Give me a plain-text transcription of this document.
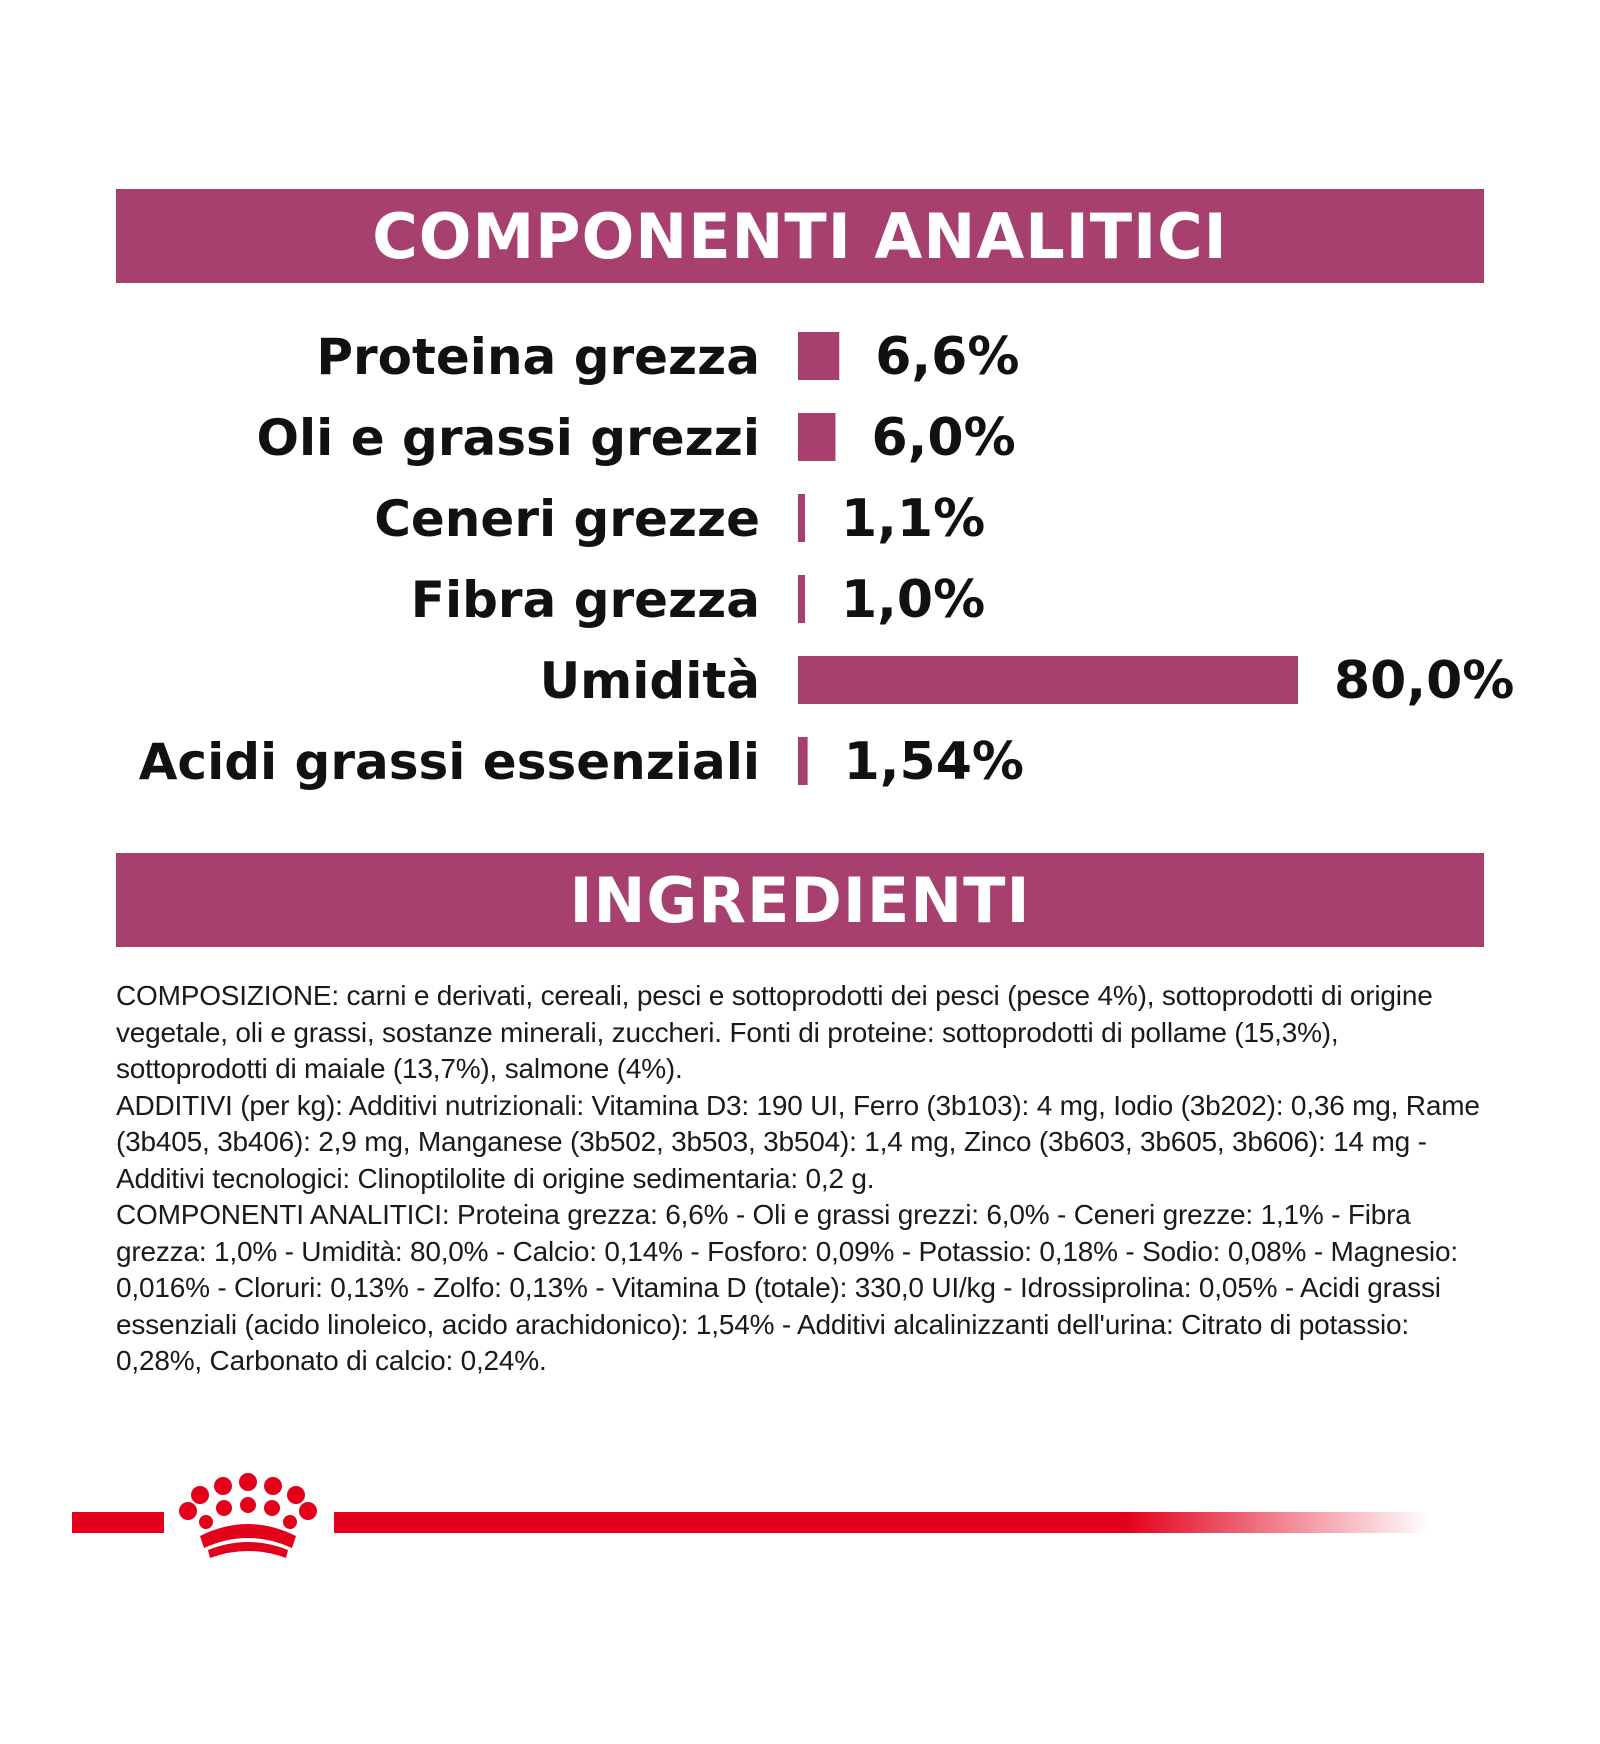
COMPONENTI ANALITICI
Proteina grezza 6,6%
Oli e grassi grezzi 6,0%
Ceneri grezze 1,1%
Fibra grezza 1,0%
Umidità	80,0%
Acidi grassi essenziali 1,54%
INGREDIENTI

COMPOSIZIONE: carni e derivati, cereali, pesci e sottoprodotti dei pesci (pesce 4%), sottoprodotti di origine vegetale, oli e grassi, sostanze minerali, zuccheri. Fonti di proteine: sottoprodotti di pollame (15,3%), sottoprodotti di maiale (13,7%), salmone (4%).

ADDITIVI (per kg): Additivi nutrizionali: Vitamina D3: 190 UI, Ferro (3b103): 4 mg, Iodio (3b202): 0,36 mg, Rame (3b405, 3b406): 2,9 mg, Manganese (3b502, 3b503, 3b504): 1,4 mg, Zinco (3b603, 3b605, 3b606): 14 mg - Additivi tecnologici: Clinoptilolite di origine sedimentaria: 0,2 g.

COMPONENTI ANALITICI: Proteina grezza: 6,6% - Oli e grassi grezzi: 6,0% - Ceneri grezze: 1,1% - Fibra grezza: 1,0% - Umidità: 80,0% - Calcio: 0,14% - Fosforo: 0,09% - Potassio: 0,18% - Sodio: 0,08% - Magnesio: 0,016% - Cloruri: 0,13% - Zolfo: 0,13% - Vitamina D (totale): 330,0 UI/kg - Idrossiprolina: 0,05% - Acidi grassi essenziali (acido linoleico, acido arachidonico): 1,54% - Additivi alcalinizzanti dell'urina: Citrato di potassio: 0,28%, Carbonato di calcio: 0,24%.
